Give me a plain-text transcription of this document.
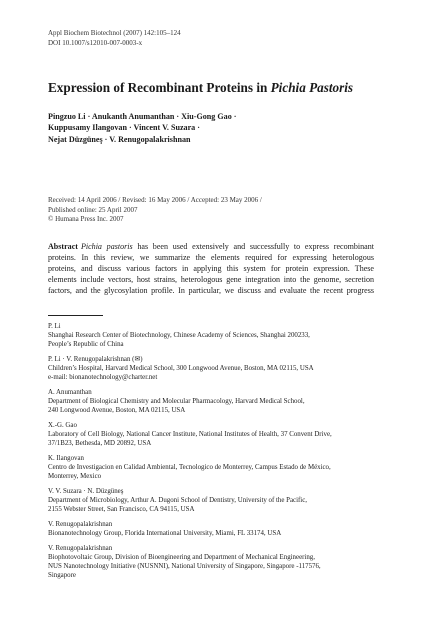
Appl Biochem Biotechnol (2007) 142:105–124
DOI 10.1007/s12010-007-0003-x
Expression of Recombinant Proteins in Pichia Pastoris
Pingzuo Li · Anukanth Anumanthan · Xiu-Gong Gao ·
Kuppusamy Ilangovan · Vincent V. Suzara ·
Nejat Düzgüneş · V. Renugopalakrishnan
Received: 14 April 2006 / Revised: 16 May 2006 / Accepted: 23 May 2006 /
Published online: 25 April 2007
© Humana Press Inc. 2007
Abstract Pichia pastoris has been used extensively and successfully to express recombinant
proteins. In this review, we summarize the elements required for expressing heterologous
proteins, and discuss various factors in applying this system for protein expression. These
elements include vectors, host strains, heterologous gene integration into the genome, secretion
factors, and the glycosylation profile. In particular, we discuss and evaluate the recent progress
P. Li
Shanghai Research Center of Biotechnology, Chinese Academy of Sciences, Shanghai 200233,
People’s Republic of China
P. Li · V. Renugopalakrishnan (✉)
Children’s Hospital, Harvard Medical School, 300 Longwood Avenue, Boston, MA 02115, USA
e-mail: bionanotechnology@charter.net
A. Anumanthan
Department of Biological Chemistry and Molecular Pharmacology, Harvard Medical School,
240 Longwood Avenue, Boston, MA 02115, USA
X.-G. Gao
Laboratory of Cell Biology, National Cancer Institute, National Institutes of Health, 37 Convent Drive,
37/1B23, Bethesda, MD 20892, USA
K. Ilangovan
Centro de Investigacion en Calidad Ambiental, Tecnologico de Monterrey, Campus Estado de México,
Monterrey, Mexico
V. V. Suzara · N. Düzgüneş
Department of Microbiology, Arthur A. Dugoni School of Dentistry, University of the Pacific,
2155 Webster Street, San Francisco, CA 94115, USA
V. Renugopalakrishnan
Bionanotechnology Group, Florida International University, Miami, FL 33174, USA
V. Renugopalakrishnan
Biophotovoltaic Group, Division of Bioengineering and Department of Mechanical Engineering,
NUS Nanotechnology Initiative (NUSNNI), National University of Singapore, Singapore -117576,
Singapore
